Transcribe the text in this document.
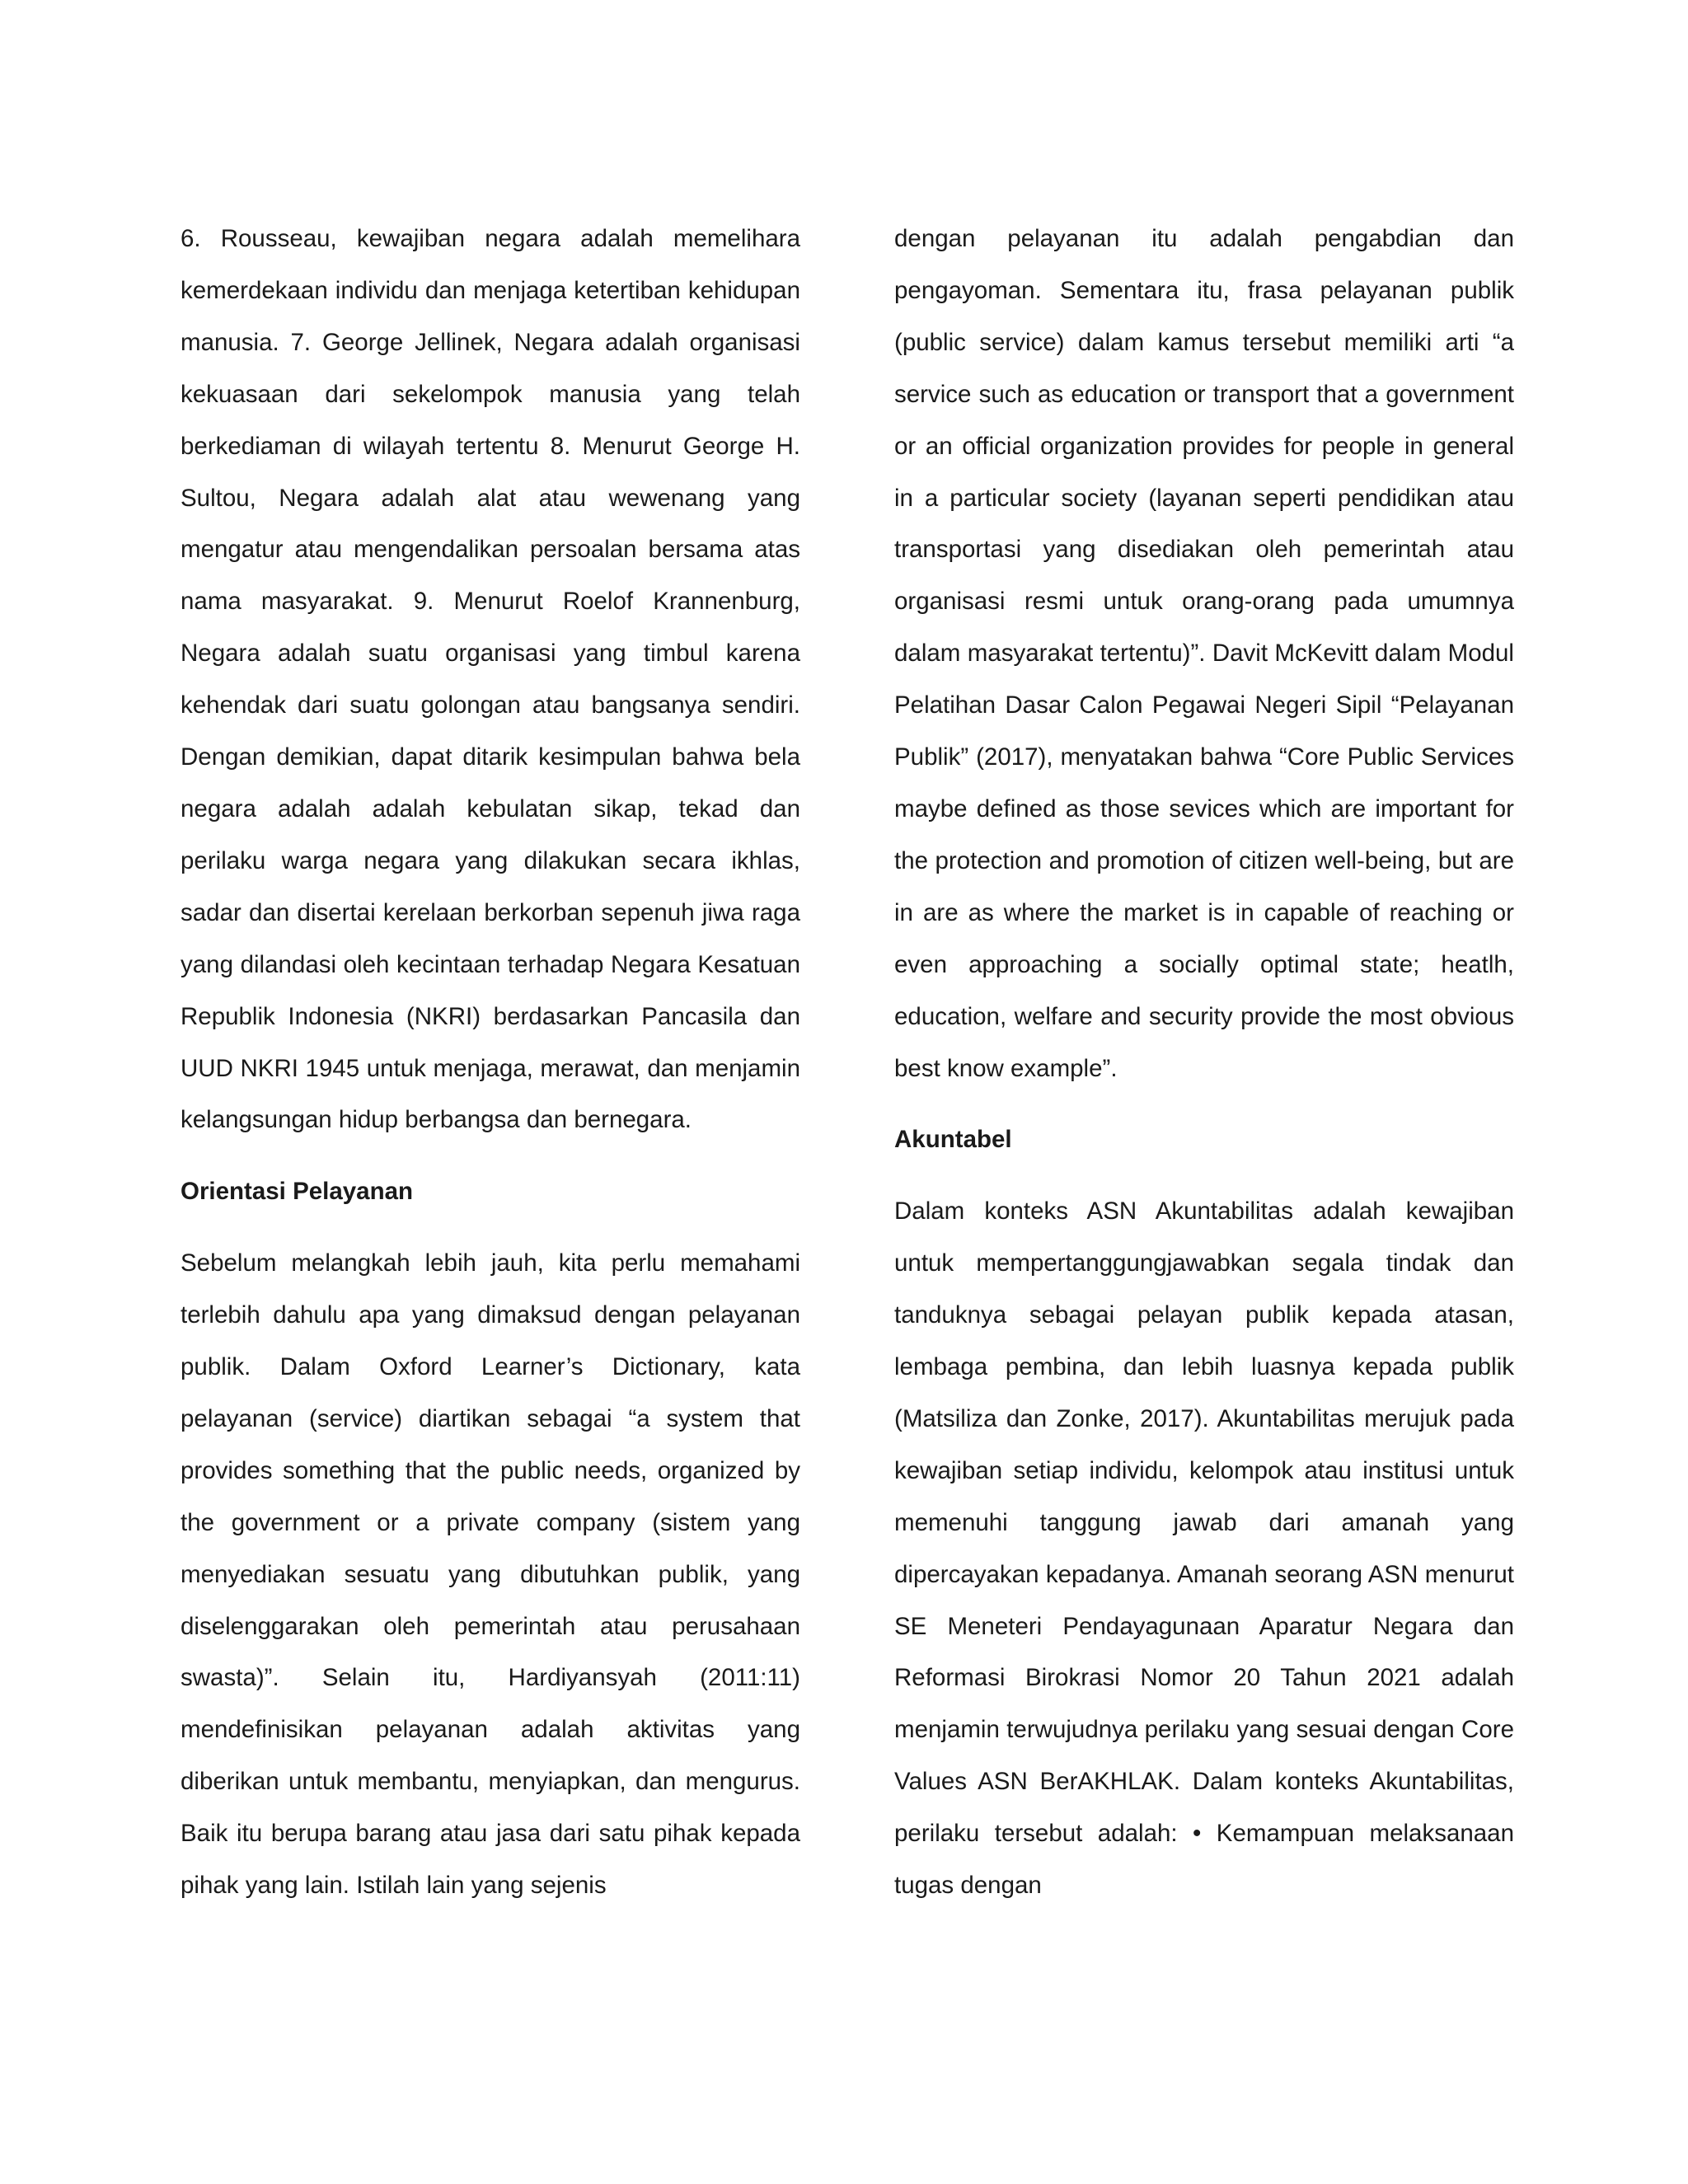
6. Rousseau, kewajiban negara adalah memelihara kemerdekaan individu dan menjaga ketertiban kehidupan manusia. 7. George Jellinek, Negara adalah organisasi kekuasaan dari sekelompok manusia yang telah berkediaman di wilayah tertentu 8. Menurut George H. Sultou, Negara adalah alat atau wewenang yang mengatur atau mengendalikan persoalan bersama atas nama masyarakat. 9. Menurut Roelof Krannenburg, Negara adalah suatu organisasi yang timbul karena kehendak dari suatu golongan atau bangsanya sendiri. Dengan demikian, dapat ditarik kesimpulan bahwa bela negara adalah adalah kebulatan sikap, tekad dan perilaku warga negara yang dilakukan secara ikhlas, sadar dan disertai kerelaan berkorban sepenuh jiwa raga yang dilandasi oleh kecintaan terhadap Negara Kesatuan Republik Indonesia (NKRI) berdasarkan Pancasila dan UUD NKRI 1945 untuk menjaga, merawat, dan menjamin kelangsungan hidup berbangsa dan bernegara.

Orientasi Pelayanan

Sebelum melangkah lebih jauh, kita perlu memahami terlebih dahulu apa yang dimaksud dengan pelayanan publik. Dalam Oxford Learner’s Dictionary, kata pelayanan (service) diartikan sebagai “a system that provides something that the public needs, organized by the government or a private company (sistem yang menyediakan sesuatu yang dibutuhkan publik, yang diselenggarakan oleh pemerintah atau perusahaan swasta)”. Selain itu, Hardiyansyah (2011:11) mendefinisikan pelayanan adalah aktivitas yang diberikan untuk membantu, menyiapkan, dan mengurus. Baik itu berupa barang atau jasa dari satu pihak kepada pihak yang lain. Istilah lain yang sejenis

dengan pelayanan itu adalah pengabdian dan pengayoman. Sementara itu, frasa pelayanan publik (public service) dalam kamus tersebut memiliki arti “a service such as education or transport that a government or an official organization provides for people in general in a particular society (layanan seperti pendidikan atau transportasi yang disediakan oleh pemerintah atau organisasi resmi untuk orang-orang pada umumnya dalam masyarakat tertentu)”. Davit McKevitt dalam Modul Pelatihan Dasar Calon Pegawai Negeri Sipil “Pelayanan Publik” (2017), menyatakan bahwa “Core Public Services maybe defined as those sevices which are important for the protection and promotion of citizen well-being, but are in are as where the market is in capable of reaching or even approaching a socially optimal state; heatlh, education, welfare and security provide the most obvious best know example”.

Akuntabel

Dalam konteks ASN Akuntabilitas adalah kewajiban untuk mempertanggungjawabkan segala tindak dan tanduknya sebagai pelayan publik kepada atasan, lembaga pembina, dan lebih luasnya kepada publik (Matsiliza dan Zonke, 2017). Akuntabilitas merujuk pada kewajiban setiap individu, kelompok atau institusi untuk memenuhi tanggung jawab dari amanah yang dipercayakan kepadanya. Amanah seorang ASN menurut SE Meneteri Pendayagunaan Aparatur Negara dan Reformasi Birokrasi Nomor 20 Tahun 2021 adalah menjamin terwujudnya perilaku yang sesuai dengan Core Values ASN BerAKHLAK. Dalam konteks Akuntabilitas, perilaku tersebut adalah: • Kemampuan melaksanaan tugas dengan
